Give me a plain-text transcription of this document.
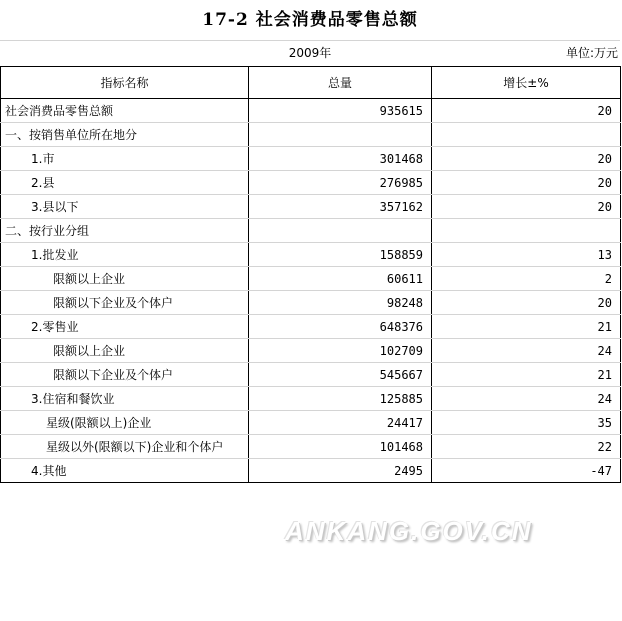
17-2 社会消费品零售总额
2009年	单位:万元
指标名称	总量	增长±%
社会消费品零售总额	935615	20
一、按销售单位所在地分		
1.市	301468	20
2.县	276985	20
3.县以下	357162	20
二、按行业分组		
1.批发业	158859	13
限额以上企业	60611	2
限额以下企业及个体户	98248	20
2.零售业	648376	21
限额以上企业	102709	24
限额以下企业及个体户	545667	21
3.住宿和餐饮业	125885	24
星级(限额以上)企业	24417	35
星级以外(限额以下)企业和个体户	101468	22
4.其他	2495	-47
ANKANG.GOV.CN
